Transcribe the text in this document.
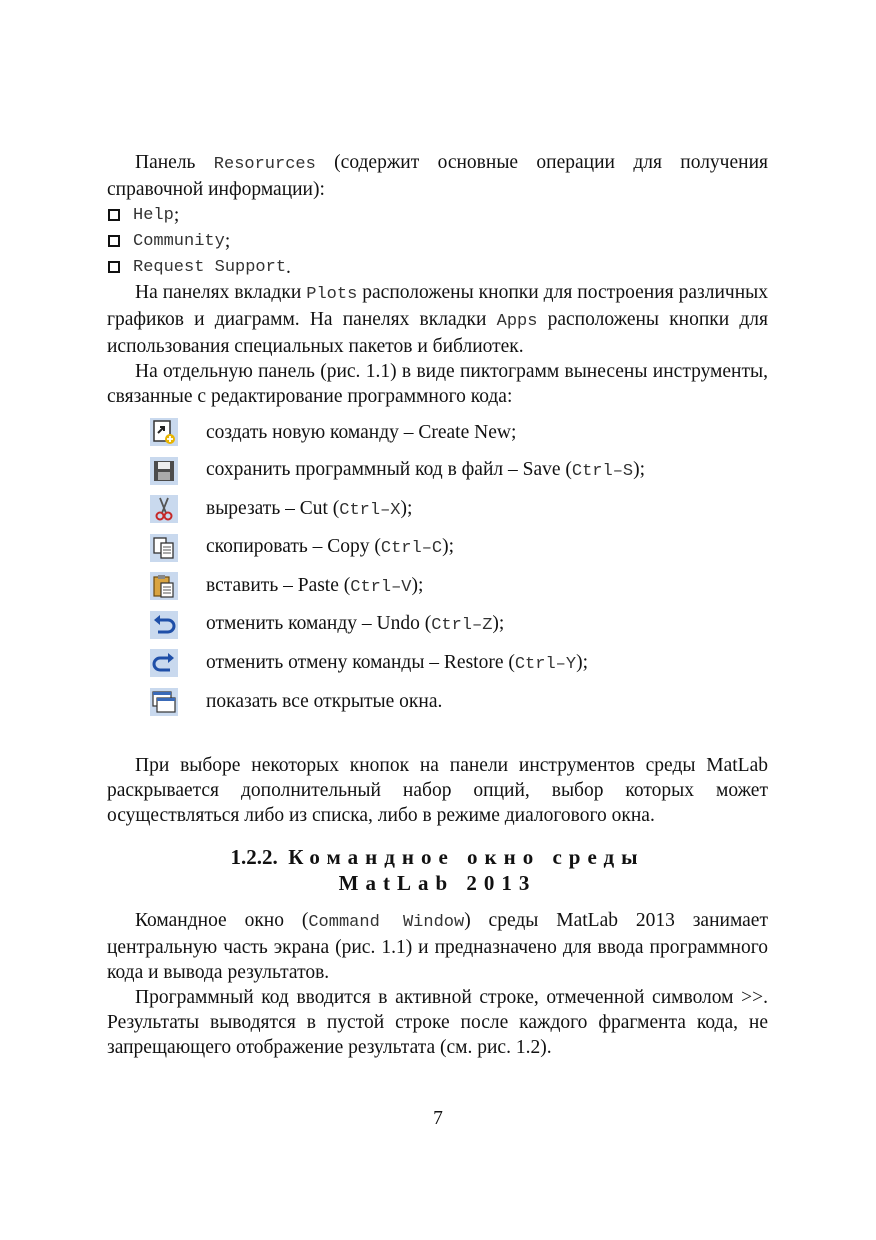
Панель Resorurces (содержит основные операции для получения справочной информации):

Help ;
Community ;
Request Support .

На панелях вкладки Plots расположены кнопки для построения различных графиков и диаграмм. На панелях вкладки Apps расположены кнопки для использования специальных пакетов и библиотек.

На отдельную панель (рис. 1.1) в виде пиктограмм вынесены инструменты, связанные с редактирование программного кода:

создать новую команду – Create New;
сохранить программный код в файл – Save (Ctrl–S);
вырезать – Cut (Ctrl–X);
скопировать – Copy (Ctrl–C);
вставить – Paste (Ctrl–V);
отменить команду – Undo (Ctrl–Z);
отменить отмену команды – Restore (Ctrl–Y);
показать все открытые окна.

При выборе некоторых кнопок на панели инструментов среды MatLab раскрывается дополнительный набор опций, выбор которых может осуществляться либо из списка, либо в режиме диалогового окна.

1.2.2. Командное окно среды
MatLab 2013

Командное окно (Command Window) среды MatLab 2013 занимает центральную часть экрана (рис. 1.1) и предназначено для ввода программного кода и вывода результатов.

Программный код вводится в активной строке, отмеченной символом >>. Результаты выводятся в пустой строке после каждого фрагмента кода, не запрещающего отображение результата (см. рис. 1.2).

7
